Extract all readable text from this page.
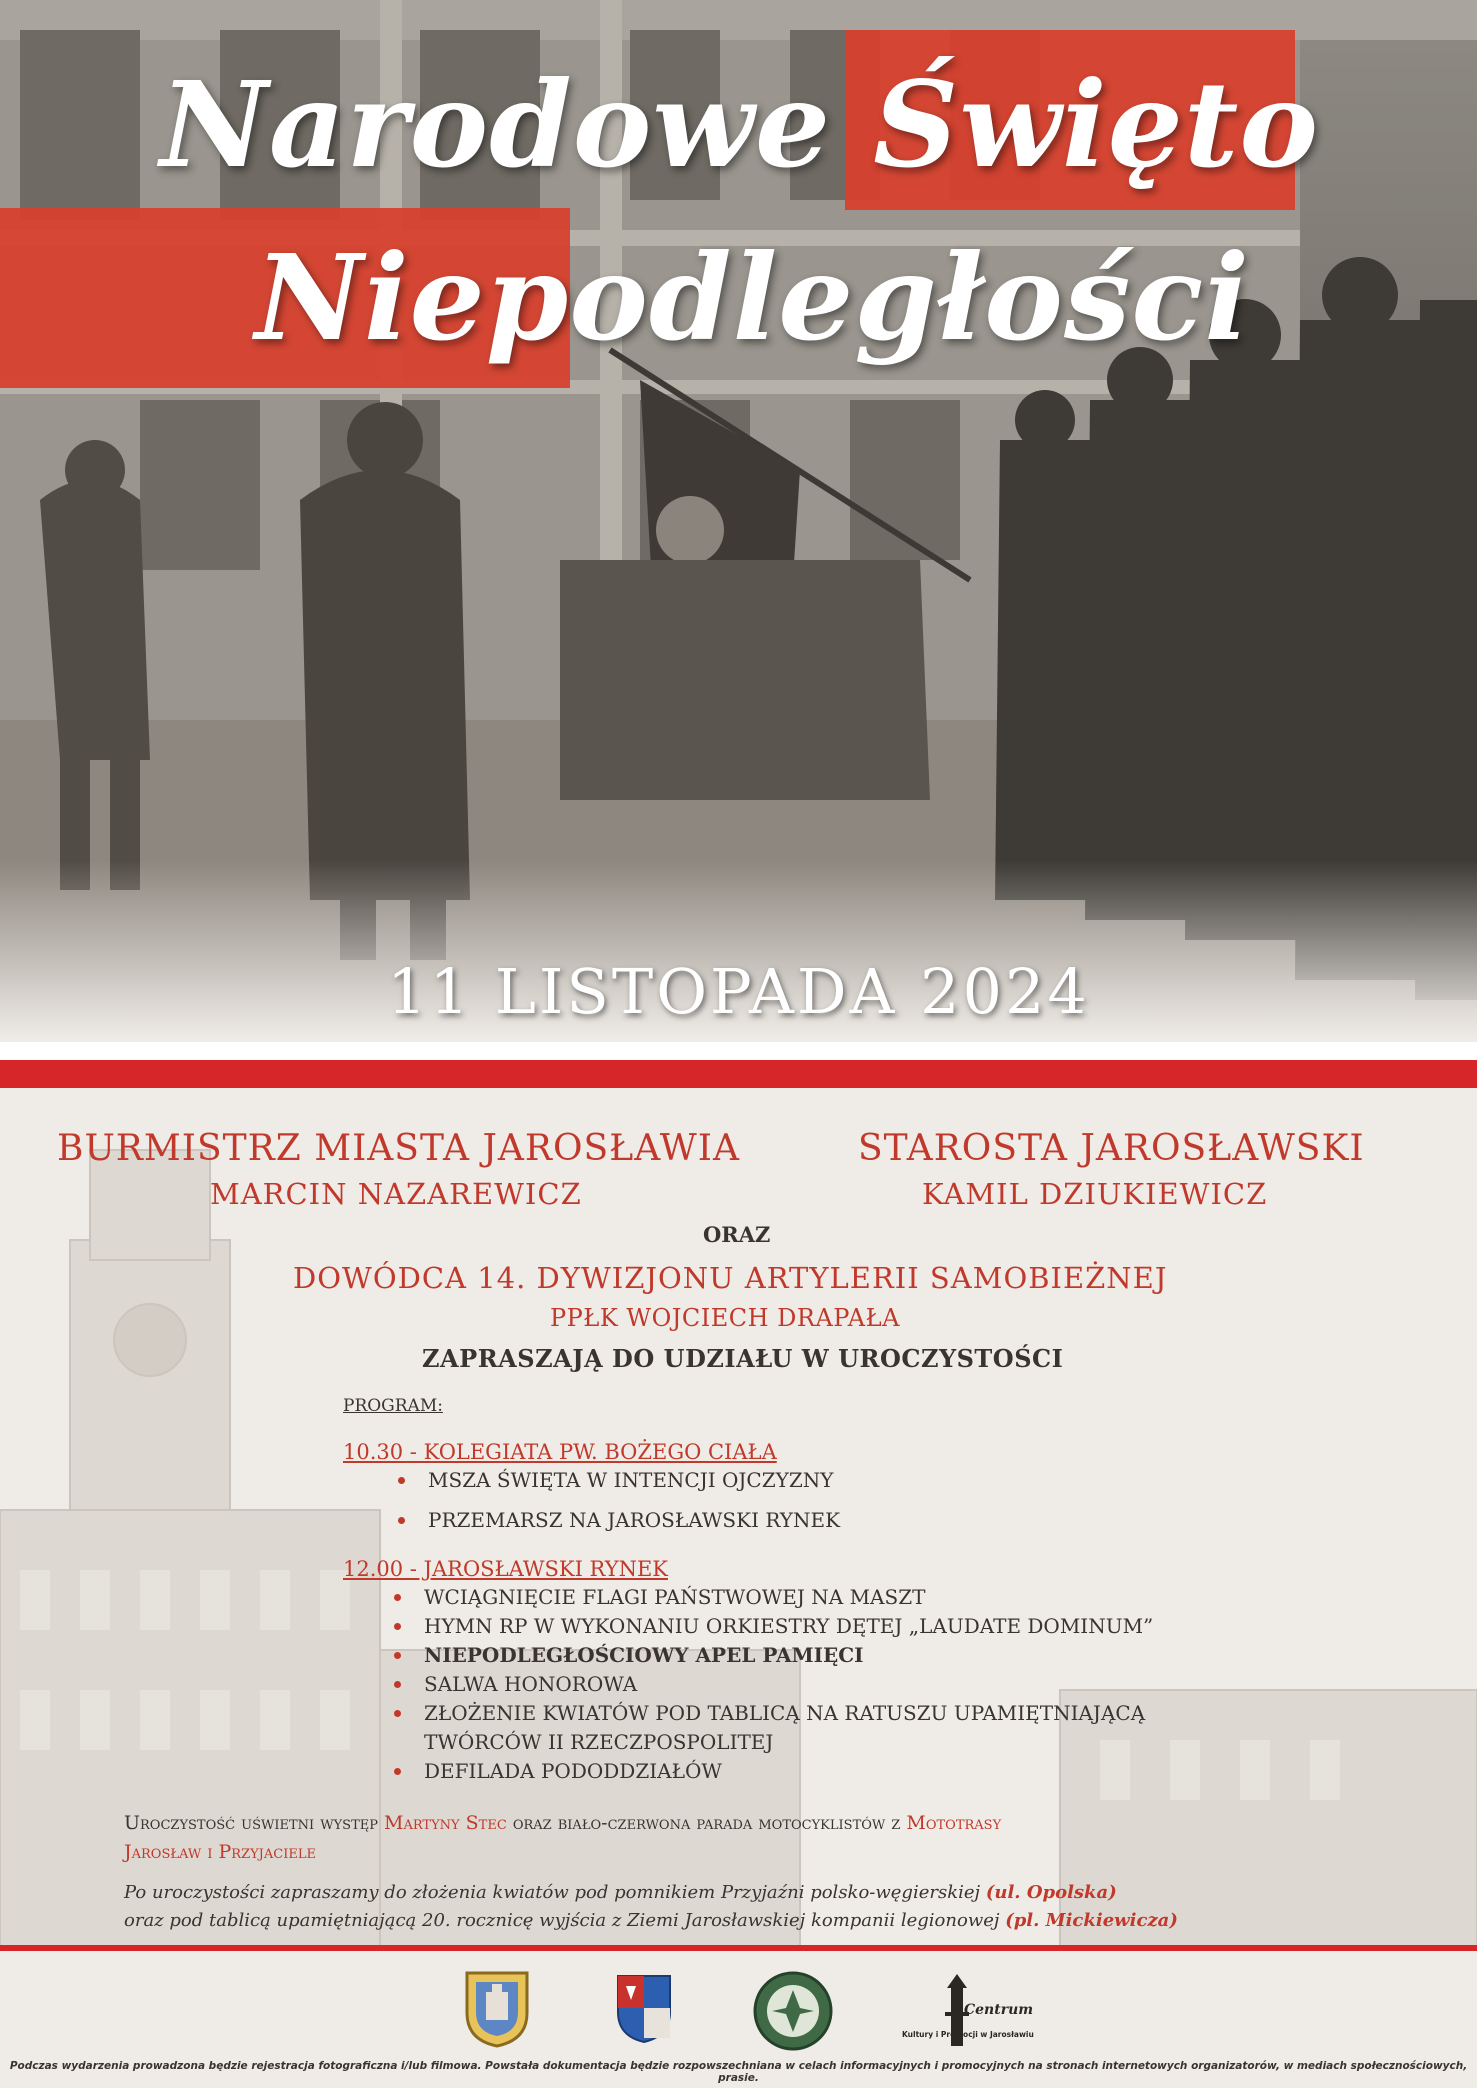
Narodowe Święto
Niepodległości
11 LISTOPADA 2024
BURMISTRZ MIASTA JAROSŁAWIA
MARCIN NAZAREWICZ
STAROSTA JAROSŁAWSKI
KAMIL DZIUKIEWICZ
ORAZ
DOWÓDCA 14. DYWIZJONU ARTYLERII SAMOBIEŻNEJ
PPŁK WOJCIECH DRAPAŁA
ZAPRASZAJĄ DO UDZIAŁU W UROCZYSTOŚCI
PROGRAM:
10.30 - KOLEGIATA PW. BOŻEGO CIAŁA
MSZA ŚWIĘTA W INTENCJI OJCZYZNY
PRZEMARSZ NA JAROSŁAWSKI RYNEK
12.00 - JAROSŁAWSKI RYNEK
WCIĄGNIĘCIE FLAGI PAŃSTWOWEJ NA MASZT
HYMN RP W WYKONANIU ORKIESTRY DĘTEJ „LAUDATE DOMINUM”
NIEPODLEGŁOŚCIOWY APEL PAMIĘCI
SALWA HONOROWA
ZŁOŻENIE KWIATÓW POD TABLICĄ NA RATUSZU UPAMIĘTNIAJĄCĄ
TWÓRCÓW II RZECZPOSPOLITEJ
DEFILADA PODODDZIAŁÓW
Uroczystość uświetni występ Martyny Stec oraz biało-czerwona parada motocyklistów z Mototrasy
Jarosław i Przyjaciele
Po uroczystości zapraszamy do złożenia kwiatów pod pomnikiem Przyjaźni polsko-węgierskiej (ul. Opolska)
oraz pod tablicą upamiętniającą 20. rocznicę wyjścia z Ziemi Jarosławskiej kompanii legionowej (pl. Mickiewicza)
Centrum
Kultury i Promocji w Jarosławiu
Podczas wydarzenia prowadzona będzie rejestracja fotograficzna i/lub filmowa. Powstała dokumentacja będzie rozpowszechniana w celach informacyjnych i promocyjnych na stronach internetowych organizatorów, w mediach społecznościowych, prasie.
